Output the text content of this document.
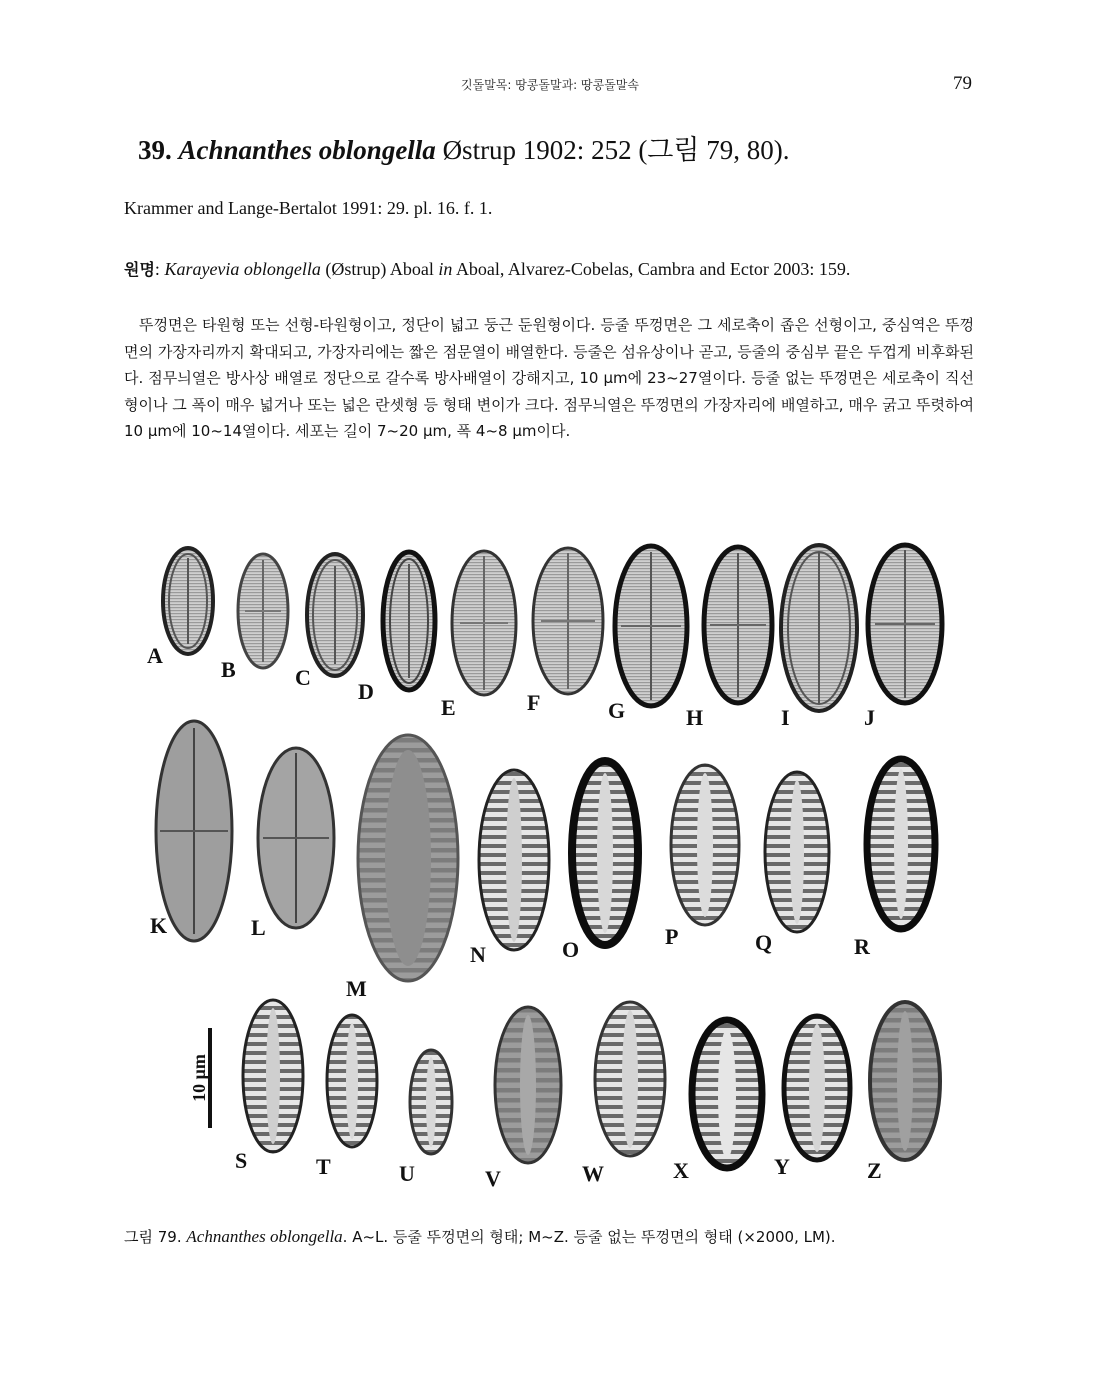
깃돌말목: 땅콩돌말과: 땅콩돌말속	79
39. Achnanthes oblongella Østrup 1902: 252 (그림 79, 80).
Krammer and Lange-Bertalot 1991: 29. pl. 16. f. 1.
원명: Karayevia oblongella (Østrup) Aboal in Aboal, Alvarez-Cobelas, Cambra and Ector 2003: 159.
뚜껑면은 타원형 또는 선형-타원형이고, 정단이 넓고 둥근 둔원형이다. 등줄 뚜껑면은 그 세로축이 좁은 선형이고, 중심역은 뚜껑면의 가장자리까지 확대되고, 가장자리에는 짧은 점문열이 배열한다. 등줄은 섬유상이나 곧고, 등줄의 중심부 끝은 두껍게 비후화된다. 점무늬열은 방사상 배열로 정단으로 갈수록 방사배열이 강해지고, 10 μm에 23~27열이다. 등줄 없는 뚜껑면은 세로축이 직선형이나 그 폭이 매우 넓거나 또는 넓은 란셋형 등 형태 변이가 크다. 점무늬열은 뚜껑면의 가장자리에 배열하고, 매우 굵고 뚜렷하여 10 μm에 10~14열이다. 세포는 길이 7~20 μm, 폭 4~8 μm이다.
10 μm
A
B	C
D
E	F	G	H	I	J
K	L
M
N	O
P	Q	R
S	T	U	V	W	X	Y	Z
그림 79. Achnanthes oblongella. A~L. 등줄 뚜껑면의 형태; M~Z. 등줄 없는 뚜껑면의 형태 (×2000, LM).
